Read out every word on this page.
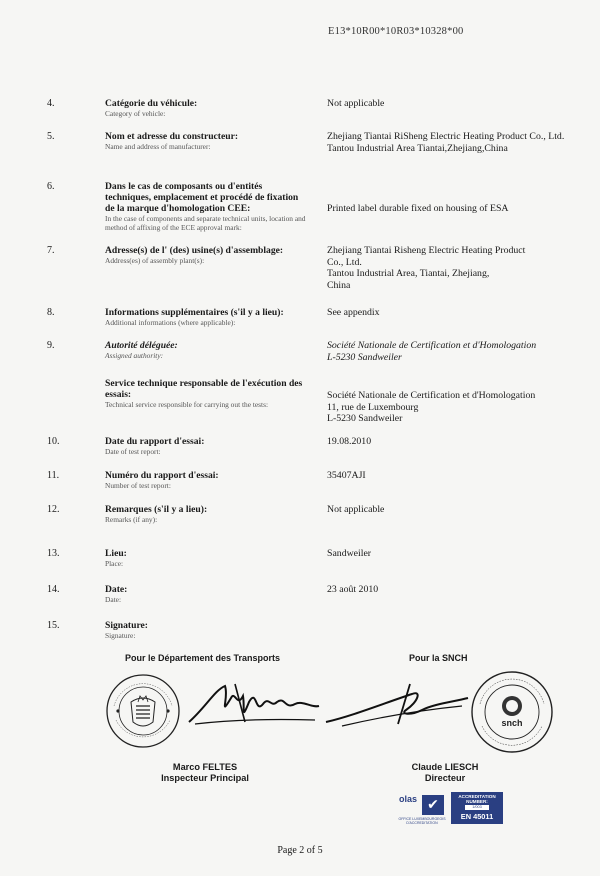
E13*10R00*10R03*10328*00
4.	Catégorie du véhicule:
Category of vehicle:
Not applicable
5.	Nom et adresse du constructeur:
Name and address of manufacturer:
Zhejiang Tiantai RiSheng Electric Heating Product Co., Ltd.
Tantou Industrial Area Tiantai,Zhejiang,China
6.	Dans le cas de composants ou d'entités techniques, emplacement et procédé de fixation de la marque d'homologation CEE:
In the case of components and separate technical units, location and method of affixing of the ECE approval mark:
Printed label durable fixed on housing of ESA
7.	Adresse(s) de l' (des) usine(s) d'assemblage:
Address(es) of assembly plant(s):
Zhejiang Tiantai Risheng Electric Heating Product
Co., Ltd.
Tantou Industrial Area, Tiantai, Zhejiang,
China
8.	Informations supplémentaires (s'il y a lieu):
Additional informations (where applicable):
See appendix
9.	Autorité déléguée:
Assigned authority:
Société Nationale de Certification et d'Homologation
L-5230 Sandweiler
Service technique responsable de l'exécution des essais:
Technical service responsible for carrying out the tests:
Société Nationale de Certification et d'Homologation
11, rue de Luxembourg
L-5230 Sandweiler
10.	Date du rapport d'essai:
Date of test report:
19.08.2010
11.	Numéro du rapport d'essai:
Number of test report:
35407AJI
12.	Remarques (s'il y a lieu):
Remarks (if any):
Not applicable
13.	Lieu:
Place:
Sandweiler
14.	Date:
Date:
23 août 2010
15.	Signature:
Signature:
Pour le Département des Transports	Pour la SNCH
snch
Marco FELTES
Inspecteur Principal
Claude LIESCH
Directeur
olas ✔
OFFICE LUXEMBOURGEOIS D'ACCREDITATION
ACCREDITATION NUMBER:
1/003
EN 45011
Page 2 of 5
